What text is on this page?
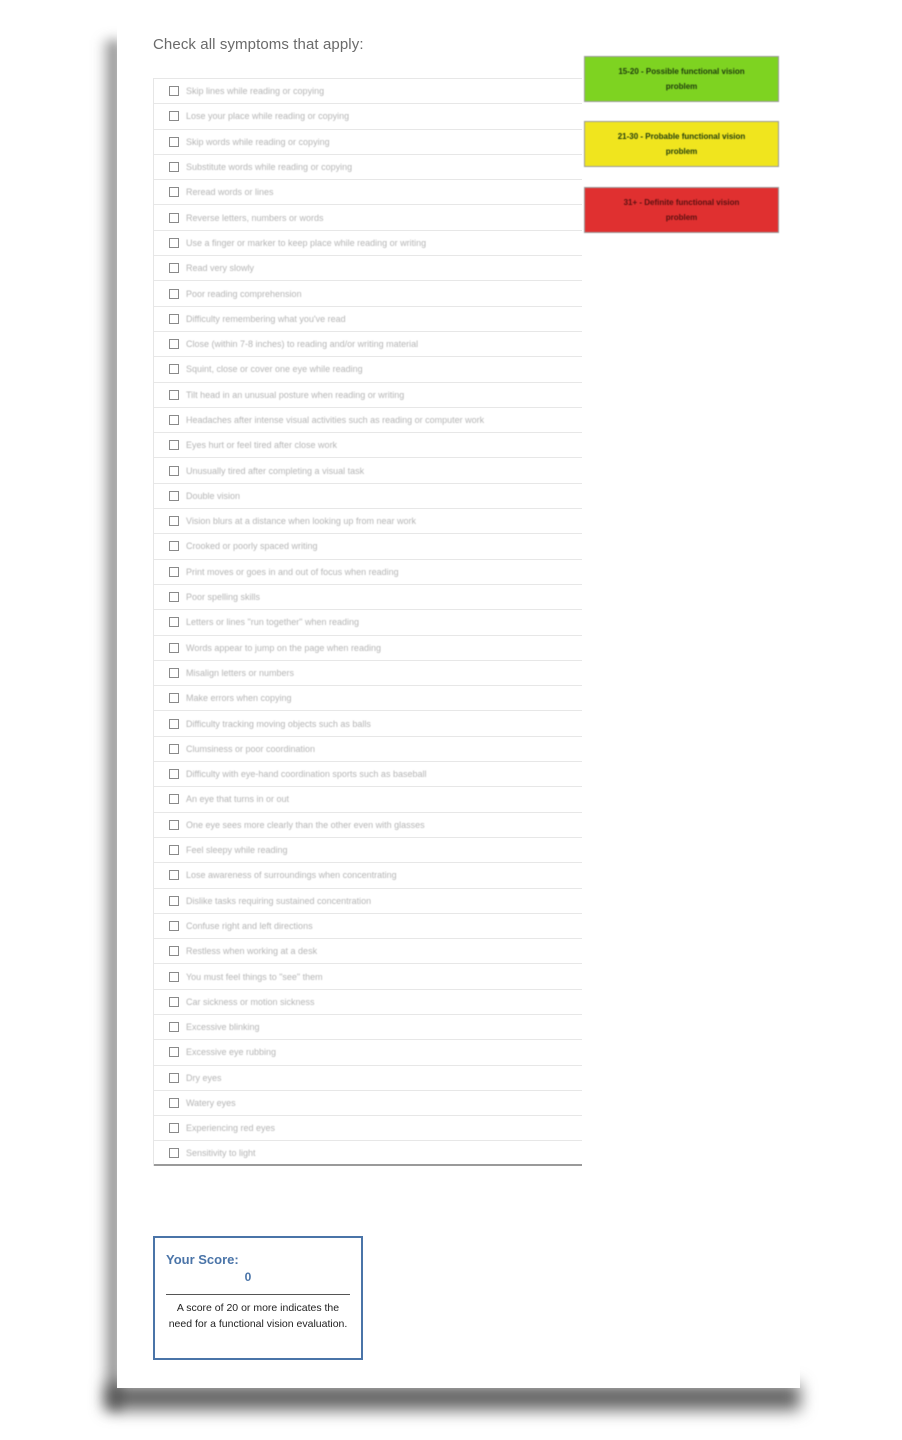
Check all symptoms that apply:
Skip lines while reading or copying
Lose your place while reading or copying
Skip words while reading or copying
Substitute words while reading or copying
Reread words or lines
Reverse letters, numbers or words
Use a finger or marker to keep place while reading or writing
Read very slowly
Poor reading comprehension
Difficulty remembering what you've read
Close (within 7-8 inches) to reading and/or writing material
Squint, close or cover one eye while reading
Tilt head in an unusual posture when reading or writing
Headaches after intense visual activities such as reading or computer work
Eyes hurt or feel tired after close work
Unusually tired after completing a visual task
Double vision
Vision blurs at a distance when looking up from near work
Crooked or poorly spaced writing
Print moves or goes in and out of focus when reading
Poor spelling skills
Letters or lines "run together" when reading
Words appear to jump on the page when reading
Misalign letters or numbers
Make errors when copying
Difficulty tracking moving objects such as balls
Clumsiness or poor coordination
Difficulty with eye-hand coordination sports such as baseball
An eye that turns in or out
One eye sees more clearly than the other even with glasses
Feel sleepy while reading
Lose awareness of surroundings when concentrating
Dislike tasks requiring sustained concentration
Confuse right and left directions
Restless when working at a desk
You must feel things to "see" them
Car sickness or motion sickness
Excessive blinking
Excessive eye rubbing
Dry eyes
Watery eyes
Experiencing red eyes
Sensitivity to light
15-20 - Possible functional vision problem
21-30 - Probable functional vision problem
31+ - Definite functional vision problem
Your Score:
0
A score of 20 or more indicates the need for a functional vision evaluation.
